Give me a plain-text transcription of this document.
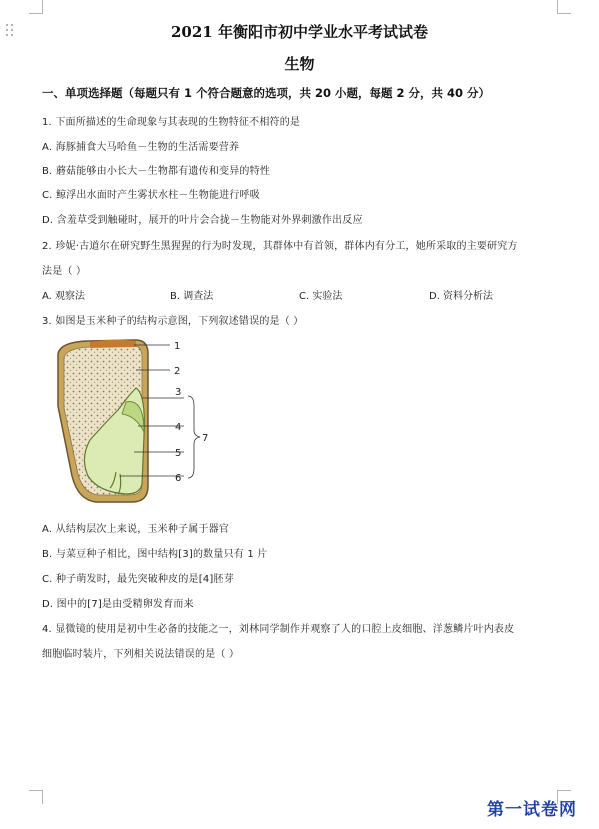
2021 年衡阳市初中学业水平考试试卷
生物
一、单项选择题（每题只有 1 个符合题意的选项，共 20 小题，每题 2 分，共 40 分）
1. 下面所描述的生命现象与其表现的生物特征不相符的是
A. 海豚捕食大马哈鱼－生物的生活需要营养
B. 蘑菇能够由小长大－生物都有遗传和变异的特性
C. 鲸浮出水面时产生雾状水柱－生物能进行呼吸
D. 含羞草受到触碰时，展开的叶片会合拢－生物能对外界刺激作出反应
2. 珍妮·古道尔在研究野生黑猩猩的行为时发现，其群体中有首领，群体内有分工，她所采取的主要研究方
法是（ ）
A. 观察法	B. 调查法	C. 实验法	D. 资料分析法
3. 如图是玉米种子的结构示意图，下列叙述错误的是（ ）
1
2
3
4
5
6
7
A. 从结构层次上来说，玉米种子属于器官
B. 与菜豆种子相比，图中结构[3]的数量只有 1 片
C. 种子萌发时，最先突破种皮的是[4]胚芽
D. 图中的[7]是由受精卵发育而来
4. 显微镜的使用是初中生必备的技能之一，刘林同学制作并观察了人的口腔上皮细胞、洋葱鳞片叶内表皮
细胞临时装片，下列相关说法错误的是（ ）
第一试卷网
